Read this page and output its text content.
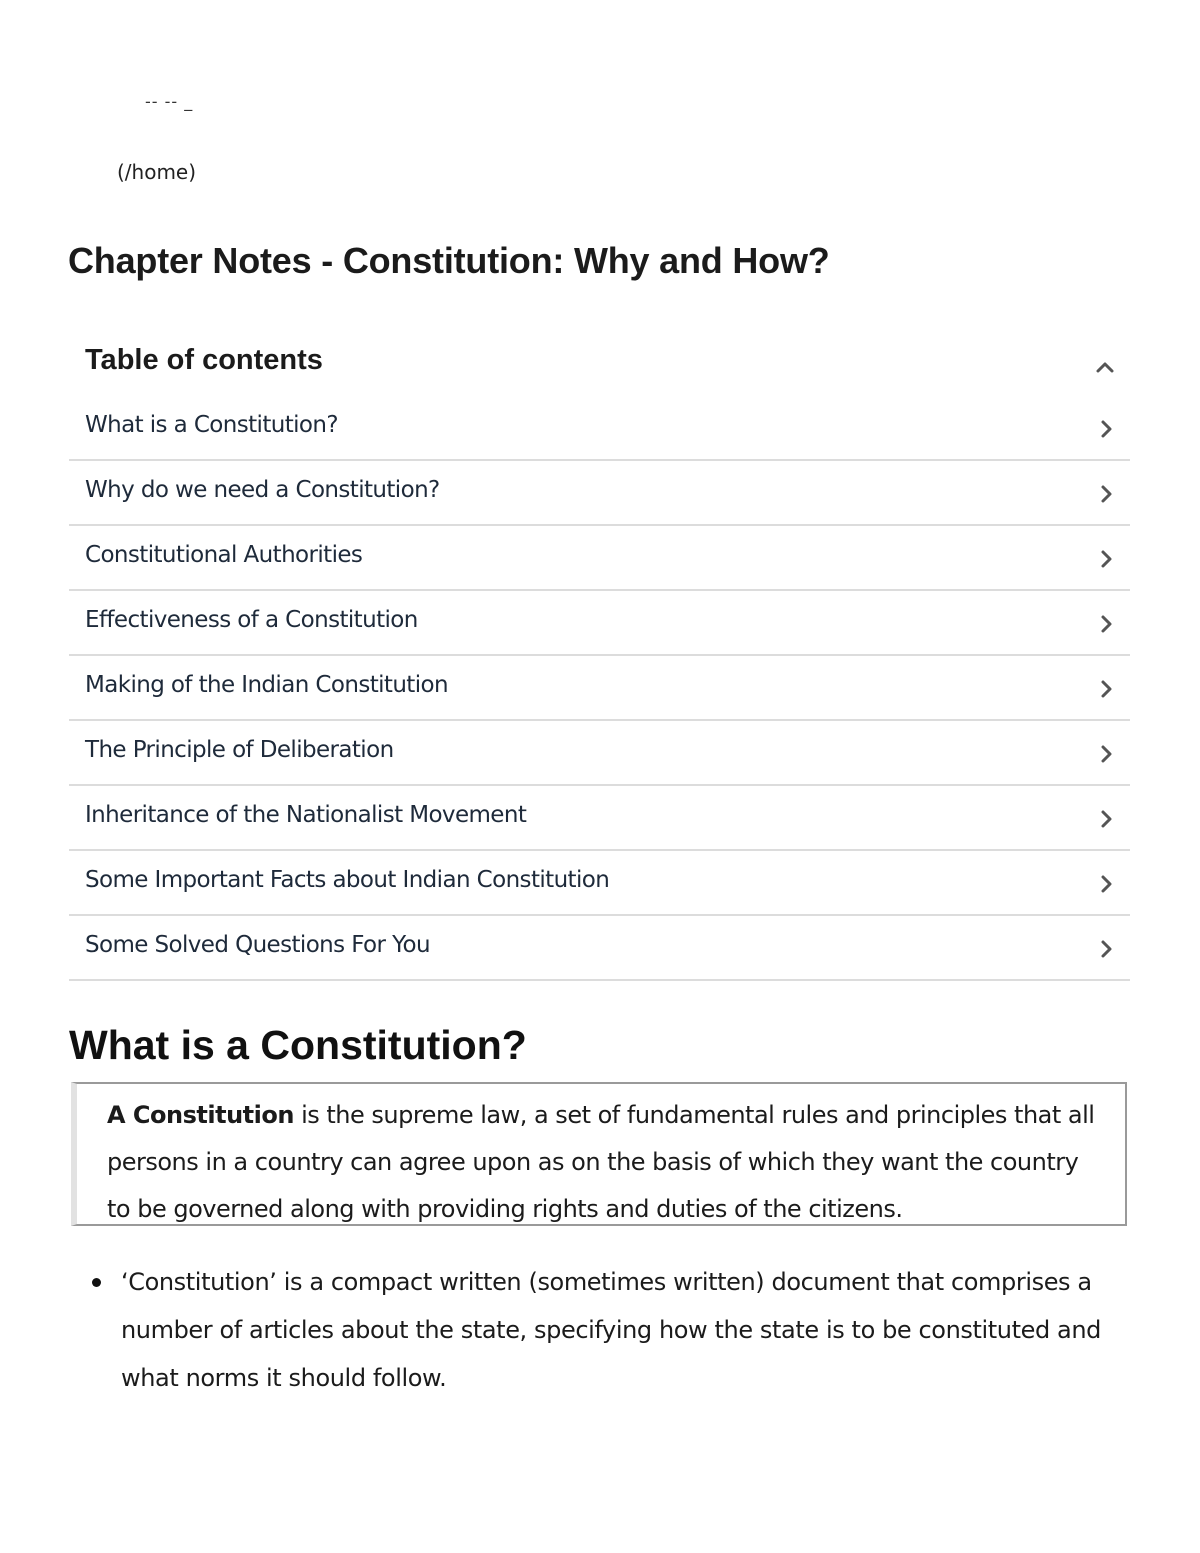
-- -- _
(/home)
Chapter Notes - Constitution: Why and How?
Table of contents
What is a Constitution?
Why do we need a Constitution?
Constitutional Authorities
Effectiveness of a Constitution
Making of the Indian Constitution
The Principle of Deliberation
Inheritance of the Nationalist Movement
Some Important Facts about Indian Constitution
Some Solved Questions For You
What is a Constitution?
A Constitution is the supreme law, a set of fundamental rules and principles that all persons in a country can agree upon as on the basis of which they want the country to be governed along with providing rights and duties of the citizens.
‘Constitution’ is a compact written (sometimes written) document that comprises a number of articles about the state, specifying how the state is to be constituted and what norms it should follow.
